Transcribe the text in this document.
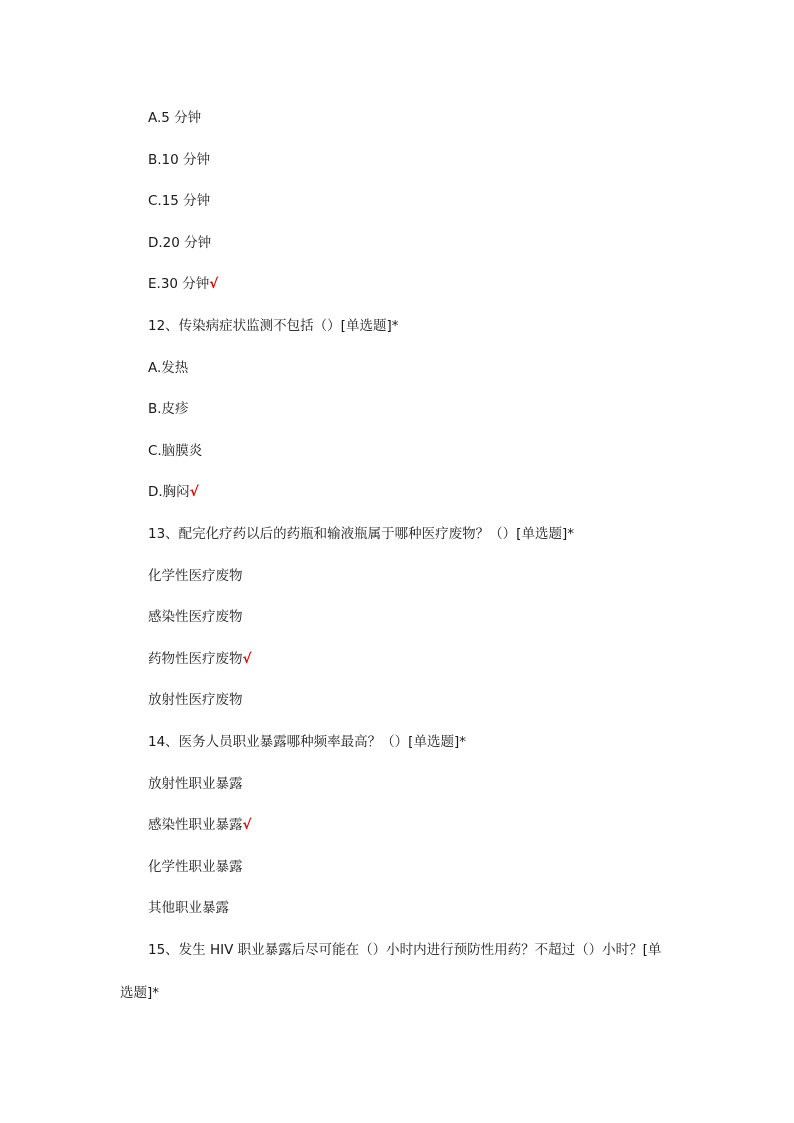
A.5 分钟
B.10 分钟
C.15 分钟
D.20 分钟
E.30 分钟√
12、传染病症状监测不包括（）[单选题]*
A.发热
B.皮疹
C.脑膜炎
D.胸闷√
13、配完化疗药以后的药瓶和输液瓶属于哪种医疗废物？（）[单选题]*
化学性医疗废物
感染性医疗废物
药物性医疗废物√
放射性医疗废物
14、医务人员职业暴露哪种频率最高？（）[单选题]*
放射性职业暴露
感染性职业暴露√
化学性职业暴露
其他职业暴露
15、发生 HIV 职业暴露后尽可能在（）小时内进行预防性用药？不超过（）小时？[单
选题]*
